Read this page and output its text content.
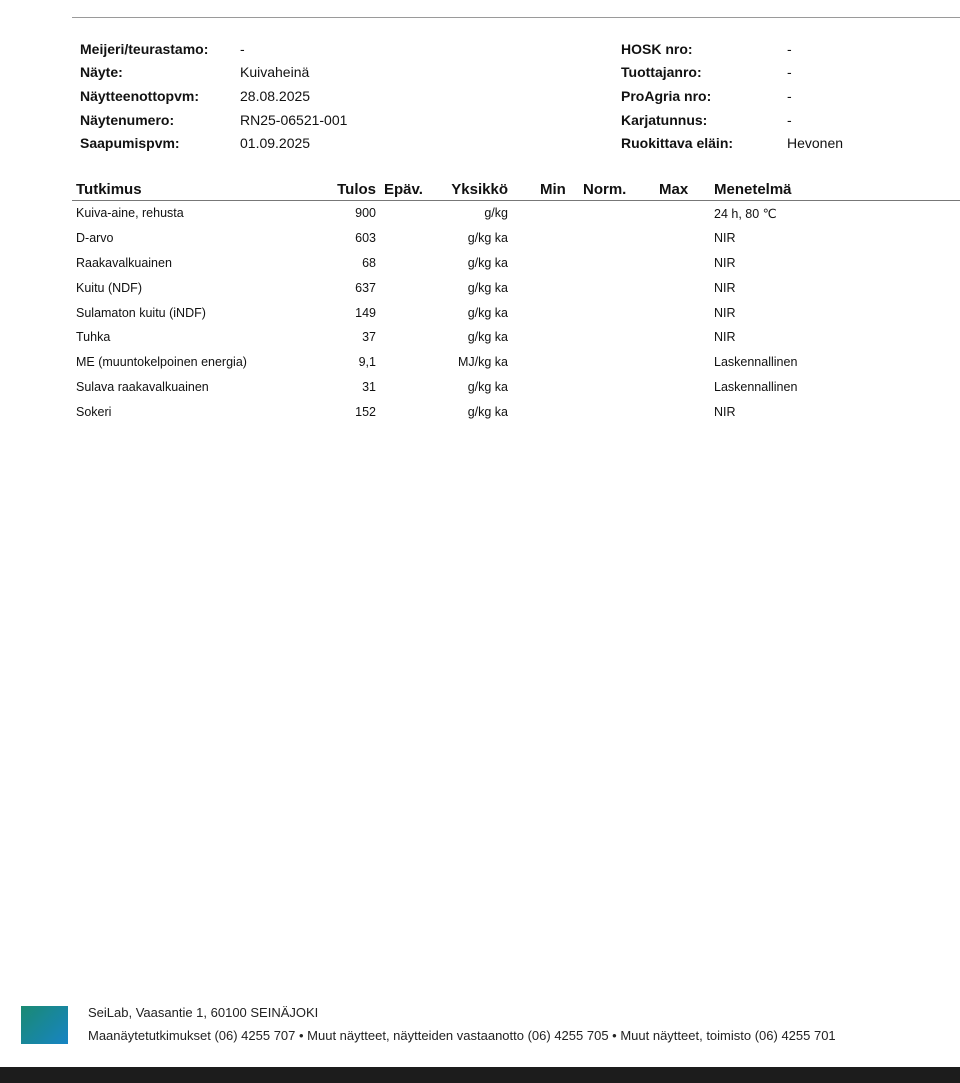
Meijeri/teurastamo:	-
Näyte:	Kuivaheinä
Näytteenottopvm:	28.08.2025
Näytenumero:	RN25-06521-001
Saapumispvm:	01.09.2025
HOSK nro:	-
Tuottajanro:	-
ProAgria nro:	-
Karjatunnus:	-
Ruokittava eläin:	Hevonen
Tutkimus	Tulos Epäv. Yksikkö Min Norm. Max Menetelmä
Kuiva-aine, rehusta	900	g/kg	24 h, 80 ℃
D-arvo	603	g/kg ka	NIR
Raakavalkuainen	68	g/kg ka	NIR
Kuitu (NDF)	637	g/kg ka	NIR
Sulamaton kuitu (iNDF)	149	g/kg ka	NIR
Tuhka	37	g/kg ka	NIR
ME (muuntokelpoinen energia)	9,1	MJ/kg ka	Laskennallinen
Sulava raakavalkuainen	31	g/kg ka	Laskennallinen
Sokeri	152	g/kg ka	NIR
SeiLab, Vaasantie 1, 60100 SEINÄJOKI
Maanäytetutkimukset (06) 4255 707 • Muut näytteet, näytteiden vastaanotto (06) 4255 705 • Muut näytteet, toimisto (06) 4255 701
